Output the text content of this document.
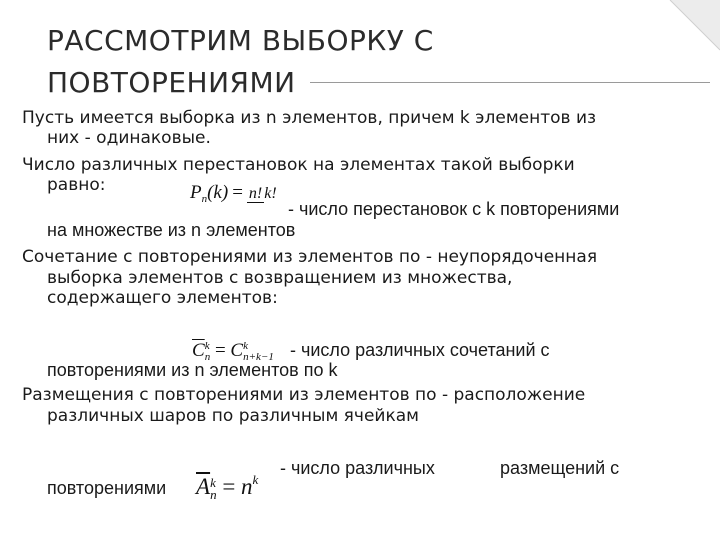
РАССМОТРИМ ВЫБОРКУ С
ПОВТОРЕНИЯМИ
Пусть имеется выборка из n элементов, причем k элементов из
них - одинаковые.
Число различных перестановок на элементах такой выборки
равно:	$P_n(k) = n$! k!
- число перестановок с k повторениями
на множестве из n элементов
Сочетание с повторениями из элементов по - неупорядоченная
выборка элементов с возвращением из множества,
содержащего элементов:
$\overline{C}$ k
n = C k
n+k−1 - число различных сочетаний с
повторениями из n элементов по k
Размещения с повторениями из элементов по - расположение
различных шаров по различным ячейкам
- число различных	размещений с
повторениями $\overline{A}$ k
$n = n^k$
